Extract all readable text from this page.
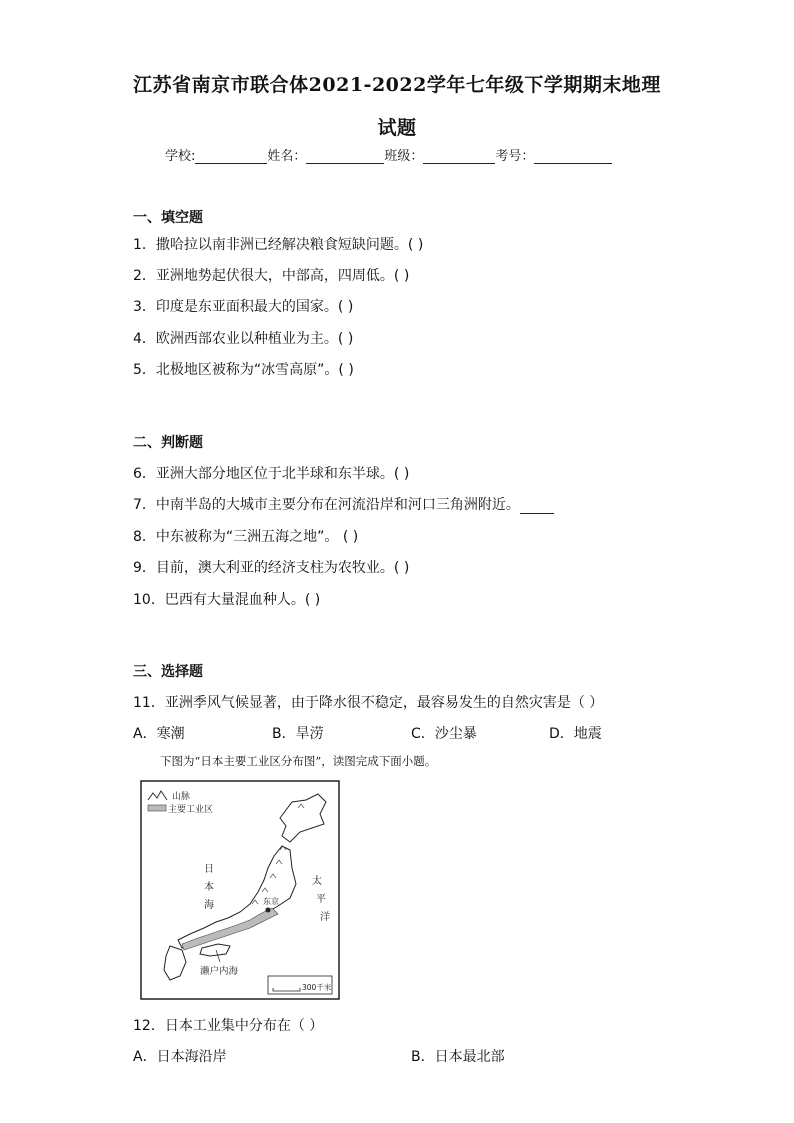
江苏省南京市联合体2021-2022学年七年级下学期期末地理
试题
学校:	姓名：	班级：	考号：
一、填空题
1．撒哈拉以南非洲已经解决粮食短缺问题。( )
2．亚洲地势起伏很大，中部高，四周低。( )
3．印度是东亚面积最大的国家。( )
4．欧洲西部农业以种植业为主。( )
5．北极地区被称为“冰雪高原”。( )
二、判断题
6．亚洲大部分地区位于北半球和东半球。( )
7．中南半岛的大城市主要分布在河流沿岸和河口三角洲附近。
8．中东被称为“三洲五海之地”。 ( )
9．目前，澳大利亚的经济支柱为农牧业。( )
10．巴西有大量混血种人。( )
三、选择题
11．亚洲季风气候显著，由于降水很不稳定，最容易发生的自然灾害是（ ）
A．寒潮	B．旱涝	C．沙尘暴	D．地震
下图为“日本主要工业区分布图”，读图完成下面小题。
山脉
主要工业区
东京
日
本
海
太
平
洋
濑户内海
300千米
12．日本工业集中分布在（ ）
A．日本海沿岸	B．日本最北部
